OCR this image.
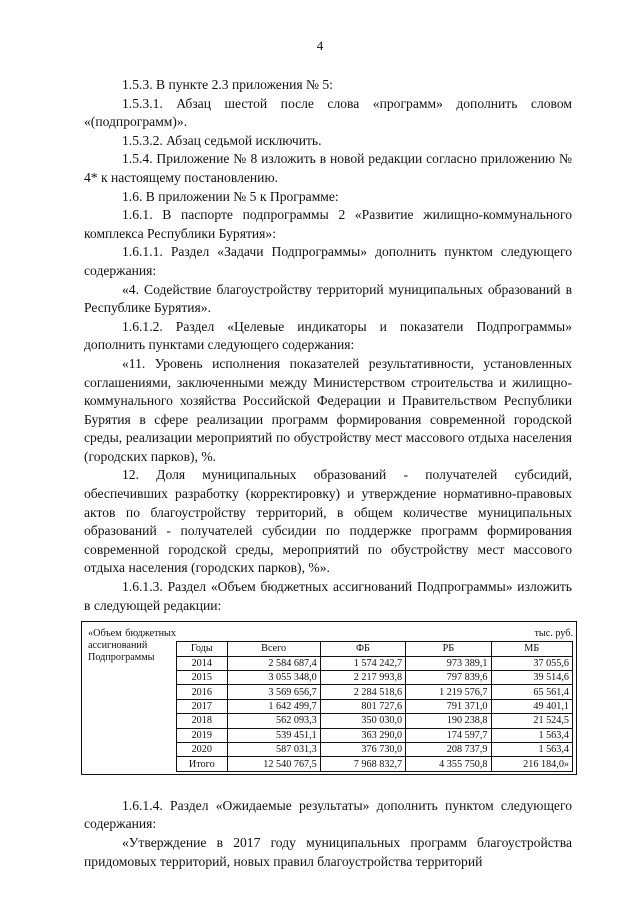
4

1.5.3. В пункте 2.3 приложения № 5:

1.5.3.1. Абзац шестой после слова «программ» дополнить словом «(подпрограмм)».

1.5.3.2. Абзац седьмой исключить.

1.5.4. Приложение № 8 изложить в новой редакции согласно приложению № 4* к настоящему постановлению.

1.6. В приложении № 5 к Программе:

1.6.1. В паспорте подпрограммы 2 «Развитие жилищно-коммунального комплекса Республики Бурятия»:

1.6.1.1. Раздел «Задачи Подпрограммы» дополнить пунктом следующего содержания:

«4. Содействие благоустройству территорий муниципальных образований в Республике Бурятия».

1.6.1.2. Раздел «Целевые индикаторы и показатели Подпрограммы» дополнить пунктами следующего содержания:

«11. Уровень исполнения показателей результативности, установленных соглашениями, заключенными между Министерством строительства и жилищно-коммунального хозяйства Российской Федерации и Правительством Республики Бурятия в сфере реализации программ формирования современной городской среды, реализации мероприятий по обустройству мест массового отдыха населения (городских парков), %.

12. Доля муниципальных образований - получателей субсидий, обеспечивших разработку (корректировку) и утверждение нормативно-правовых актов по благоустройству территорий, в общем количестве муниципальных образований - получателей субсидии по поддержке программ формирования современной городской среды, мероприятий по обустройству мест массового отдыха населения (городских парков), %».

1.6.1.3. Раздел «Объем бюджетных ассигнований Подпрограммы» изложить в следующей редакции:

«Объем бюджетных ассигнований Подпрограммы
тыс. руб.
Годы	Всего	ФБ	РБ	МБ
2014	2 584 687,4	1 574 242,7	973 389,1	37 055,6
2015	3 055 348,0	2 217 993,8	797 839,6	39 514,6
2016	3 569 656,7	2 284 518,6	1 219 576,7	65 561,4
2017	1 642 499,7	801 727,6	791 371,0	49 401,1
2018	562 093,3	350 030,0	190 238,8	21 524,5
2019	539 451,1	363 290,0	174 597,7	1 563,4
2020	587 031,3	376 730,0	208 737,9	1 563,4
Итого	12 540 767,5	7 968 832,7	4 355 750,8	216 184,0»

1.6.1.4. Раздел «Ожидаемые результаты» дополнить пунктом следующего содержания:

«Утверждение в 2017 году муниципальных программ благоустройства придомовых территорий, новых правил благоустройства территорий
